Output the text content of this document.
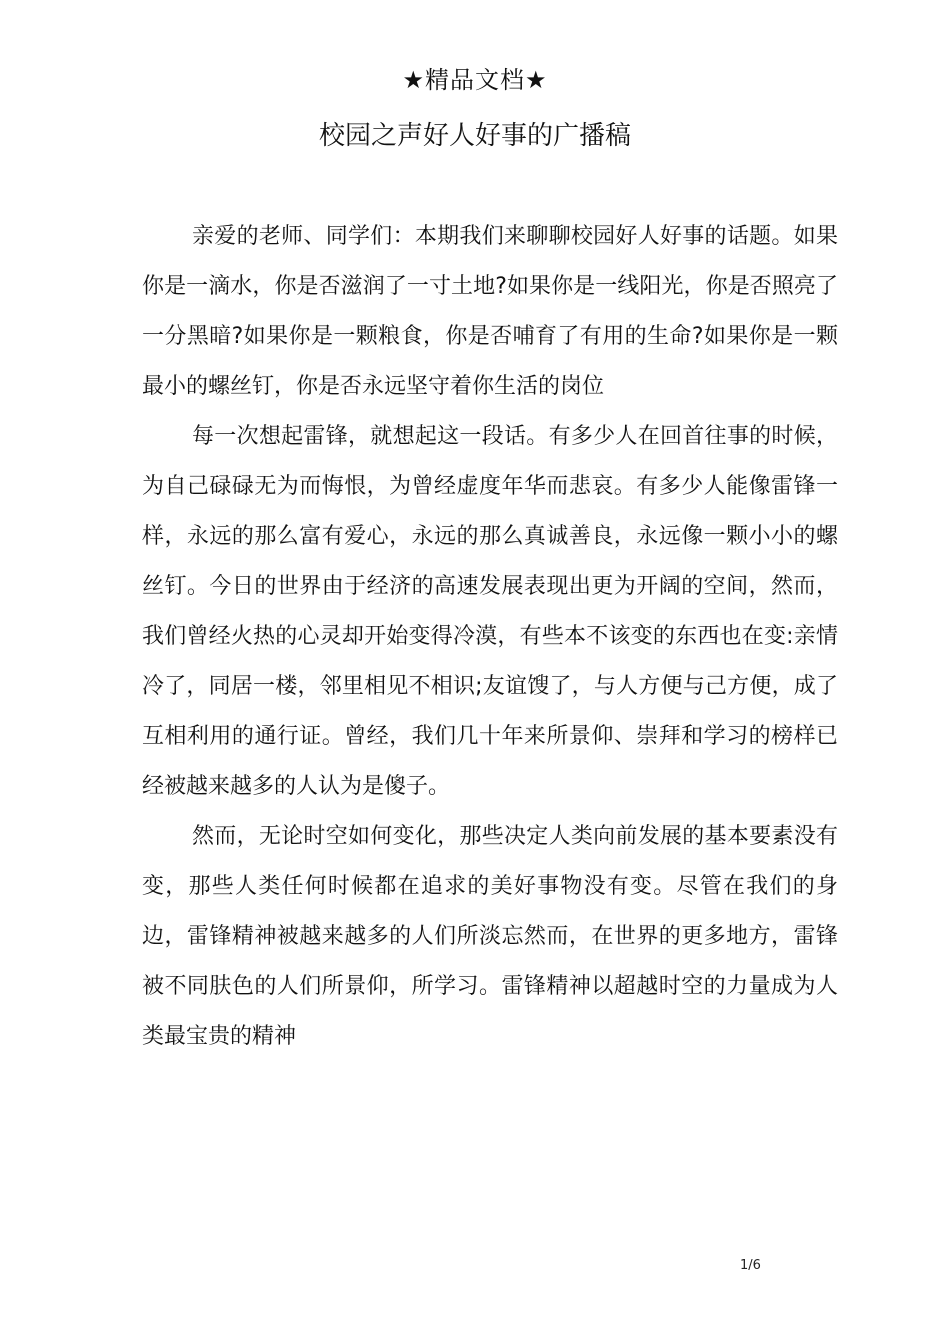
★精品文档★
校园之声好人好事的广播稿

亲爱的老师、同学们：本期我们来聊聊校园好人好事的话题。如果你是一滴水，你是否滋润了一寸土地?如果你是一线阳光，你是否照亮了一分黑暗?如果你是一颗粮食，你是否哺育了有用的生命?如果你是一颗最小的螺丝钉，你是否永远坚守着你生活的岗位

每一次想起雷锋，就想起这一段话。有多少人在回首往事的时候，为自己碌碌无为而悔恨，为曾经虚度年华而悲哀。有多少人能像雷锋一样，永远的那么富有爱心，永远的那么真诚善良，永远像一颗小小的螺丝钉。今日的世界由于经济的高速发展表现出更为开阔的空间，然而，我们曾经火热的心灵却开始变得冷漠，有些本不该变的东西也在变:亲情冷了，同居一楼，邻里相见不相识;友谊馊了，与人方便与己方便，成了互相利用的通行证。曾经，我们几十年来所景仰、崇拜和学习的榜样已经被越来越多的人认为是傻子。

然而，无论时空如何变化，那些决定人类向前发展的基本要素没有变，那些人类任何时候都在追求的美好事物没有变。尽管在我们的身边，雷锋精神被越来越多的人们所淡忘然而，在世界的更多地方，雷锋被不同肤色的人们所景仰，所学习。雷锋精神以超越时空的力量成为人类最宝贵的精神

1/6
